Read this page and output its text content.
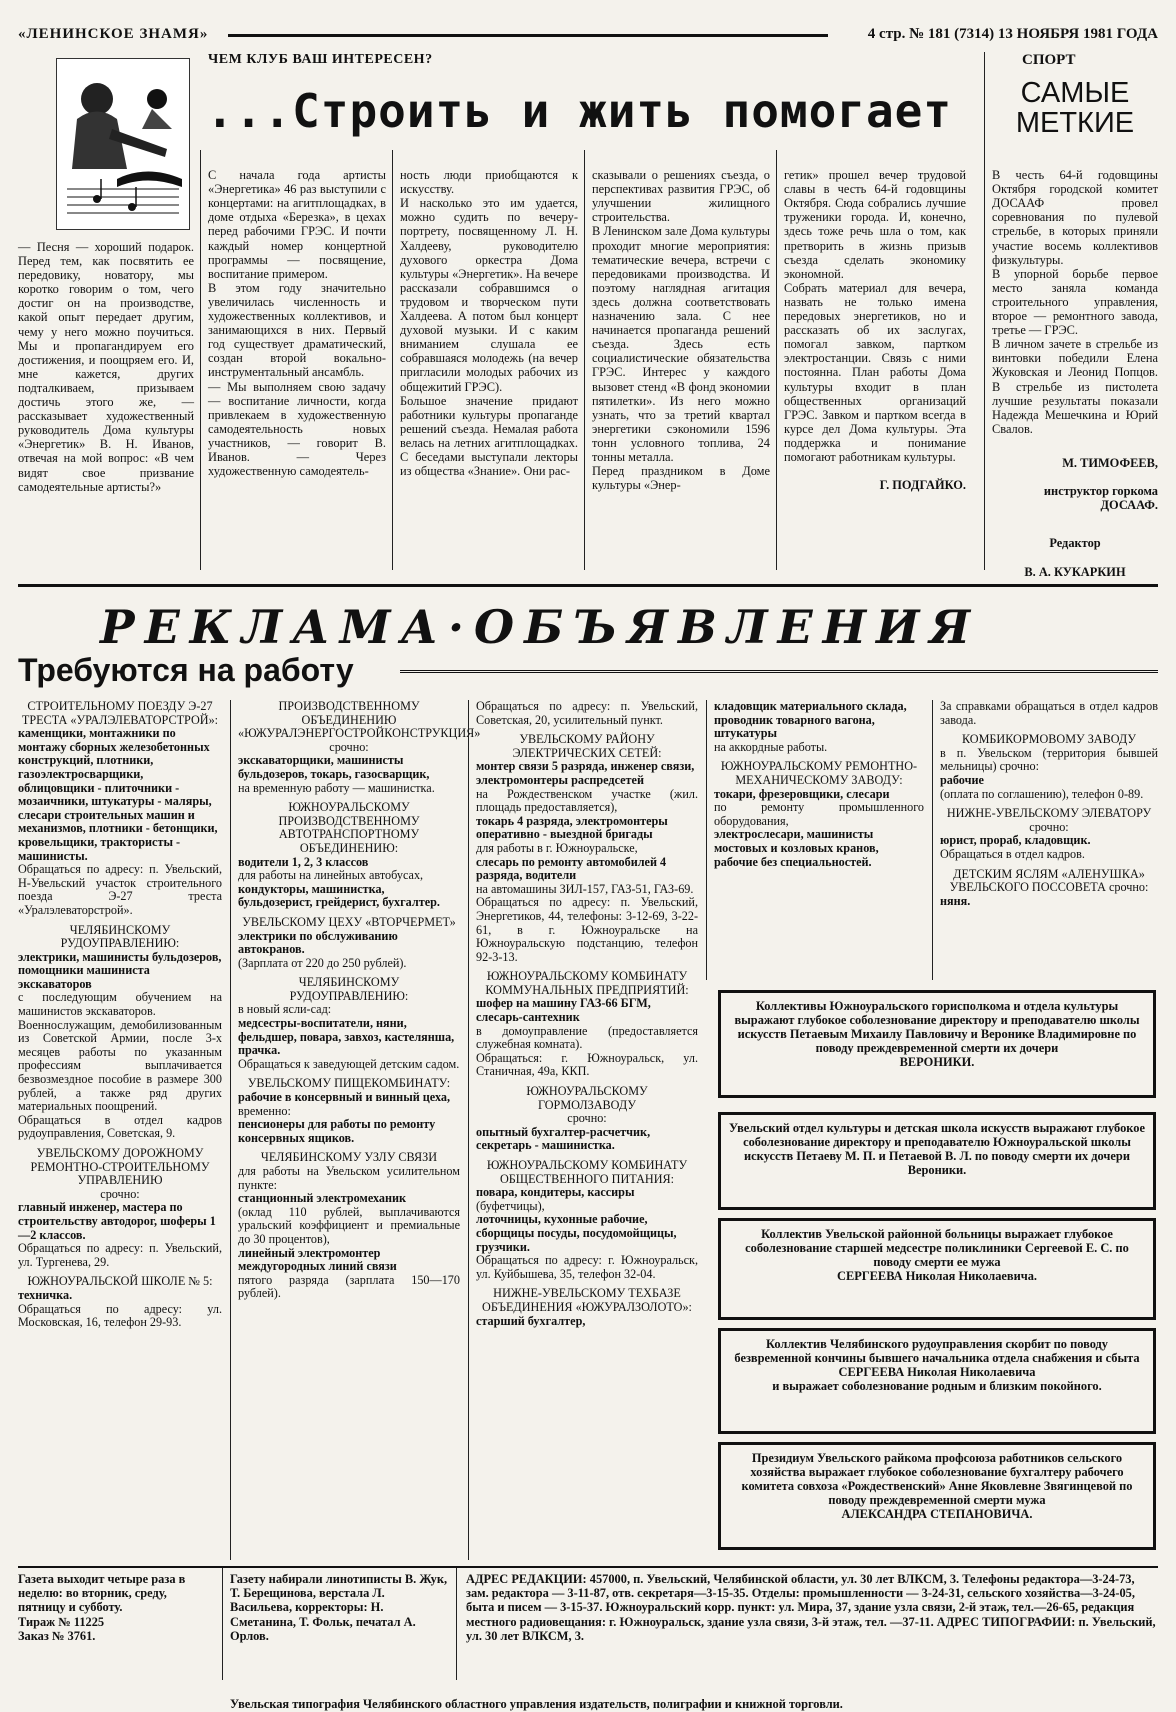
«ЛЕНИНСКОЕ ЗНАМЯ»	4 стр. № 181 (7314) 13 НОЯБРЯ 1981 ГОДА
ЧЕМ КЛУБ ВАШ ИНТЕРЕСЕН?
...Строить и жить помогает

— Песня — хороший подарок. Перед тем, как посвятить ее передовику, новатору, мы коротко говорим о том, чего достиг он на производстве, какой опыт передает другим, чему у него можно поучиться. Мы и пропагандируем его достижения, и поощряем его. И, мне кажется, других подталкиваем, призываем достичь этого же, — рассказывает художественный руководитель Дома культуры «Энергетик» В. Н. Иванов, отвечая на мой вопрос: «В чем видят свое призвание самодеятельные артисты?»

С начала года артисты «Энергетика» 46 раз выступили с концертами: на агитплощадках, в доме отдыха «Березка», в цехах перед рабочими ГРЭС. И почти каждый номер концертной программы — посвящение, воспитание примером.
В этом году значительно увеличилась численность и художественных коллективов, и занимающихся в них. Первый год существует драматический, создан второй вокально-инструментальный ансамбль.
— Мы выполняем свою задачу — воспитание личности, когда привлекаем в художественную самодеятельность новых участников, — говорит В. Иванов. — Через художественную самодеятель-

ность люди приобщаются к искусству.
И насколько это им удается, можно судить по вечеру-портрету, посвященному Л. Н. Халдееву, руководителю духового оркестра Дома культуры «Энергетик». На вечере рассказали собравшимся о трудовом и творческом пути Халдеева. А потом был концерт духовой музыки. И с каким вниманием слушала ее собравшаяся молодежь (на вечер пригласили молодых рабочих из общежитий ГРЭС).
Большое значение придают работники культуры пропаганде решений съезда. Немалая работа велась на летних агитплощадках. С беседами выступали лекторы из общества «Знание». Они рас-

сказывали о решениях съезда, о перспективах развития ГРЭС, об улучшении жилищного строительства.
В Ленинском зале Дома культуры проходит многие мероприятия: тематические вечера, встречи с передовиками производства. И поэтому наглядная агитация здесь должна соответствовать назначению зала. С нее начинается пропаганда решений съезда. Здесь есть социалистические обязательства ГРЭС. Интерес у каждого вызовет стенд «В фонд экономии пятилетки». Из него можно узнать, что за третий квартал энергетики сэкономили 1596 тонн условного топлива, 24 тонны металла.
Перед праздником в Доме культуры «Энер-

гетик» прошел вечер трудовой славы в честь 64-й годовщины Октября. Сюда собрались лучшие труженики города. И, конечно, здесь тоже речь шла о том, как претворить в жизнь призыв съезда сделать экономику экономной.
Собрать материал для вечера, назвать не только имена передовых энергетиков, но и рассказать об их заслугах, помогал завком, партком электростанции. Связь с ними постоянна. План работы Дома культуры входит в план общественных организаций ГРЭС. Завком и партком всегда в курсе дел Дома культуры. Эта поддержка и понимание помогают работникам культуры.

Г. ПОДГАЙКО.

СПОРТ
САМЫЕ МЕТКИЕ

В честь 64-й годовщины Октября городской комитет ДОСААФ провел соревнования по пулевой стрельбе, в которых приняли участие восемь коллективов физкультуры.
В упорной борьбе первое место заняла команда строительного управления, второе — ремонтного завода, третье — ГРЭС.
В личном зачете в стрельбе из винтовки победили Елена Жуковская и Леонид Попцов. В стрельбе из пистолета лучшие результаты показали Надежда Мешечкина и Юрий Свалов.

М. ТИМОФЕЕВ,

инструктор горкома ДОСААФ.

Редактор

В. А. КУКАРКИН

РЕКЛАМА·ОБЪЯВЛЕНИЯ
Требуются на работу

СТРОИТЕЛЬНОМУ ПОЕЗДУ Э-27 ТРЕСТА «УРАЛЭЛЕВАТОРСТРОЙ»:

каменщики, монтажники по монтажу сборных железобетонных конструкций, плотники, газоэлектросварщики, облицовщики - плиточники - мозаичники, штукатуры - маляры, слесари строительных машин и механизмов, плотники - бетонщики, кровельщики, трактористы - машинисты.

Обращаться по адресу: п. Увельский, Н-Увельский участок строительного поезда Э-27 треста «Уралэлеваторстрой».

ЧЕЛЯБИНСКОМУ РУДОУПРАВЛЕНИЮ:

электрики, машинисты бульдозеров, помощники машиниста экскаваторов

с последующим обучением на машинистов экскаваторов.

Военнослужащим, демобилизованным из Советской Армии, после 3-х месяцев работы по указанным профессиям выплачивается безвозмездное пособие в размере 300 рублей, а также ряд других материальных поощрений.

Обращаться в отдел кадров рудоуправления, Советская, 9.

УВЕЛЬСКОМУ ДОРОЖНОМУ РЕМОНТНО-СТРОИТЕЛЬНОМУ УПРАВЛЕНИЮ

срочно:

главный инженер, мастера по строительству автодорог, шоферы 1—2 классов.

Обращаться по адресу: п. Увельский, ул. Тургенева, 29.

ЮЖНОУРАЛЬСКОЙ ШКОЛЕ № 5:

техничка.

Обращаться по адресу: ул. Московская, 16, телефон 29-93.

ПРОИЗВОДСТВЕННОМУ ОБЪЕДИНЕНИЮ «ЮЖУРАЛЭНЕРГОСТРОЙКОНСТРУКЦИЯ»

срочно:

экскаваторщики, машинисты бульдозеров, токарь, газосварщик,

на временную работу — машинистка.

ЮЖНОУРАЛЬСКОМУ ПРОИЗВОДСТВЕННОМУ АВТОТРАНСПОРТНОМУ ОБЪЕДИНЕНИЮ:

водители 1, 2, 3 классов

для работы на линейных автобусах,

кондукторы, машинистка, бульдозерист, грейдерист, бухгалтер.

УВЕЛЬСКОМУ ЦЕХУ «ВТОРЧЕРМЕТ»

электрики по обслуживанию автокранов.

(Зарплата от 220 до 250 рублей).

ЧЕЛЯБИНСКОМУ РУДОУПРАВЛЕНИЮ:

в новый ясли-сад:

медсестры-воспитатели, няни, фельдшер, повара, завхоз, кастелянша, прачка.

Обращаться к заведующей детским садом.

УВЕЛЬСКОМУ ПИЩЕКОМБИНАТУ:

рабочие в консервный и винный цеха,

временно:

пенсионеры для работы по ремонту консервных ящиков.

ЧЕЛЯБИНСКОМУ УЗЛУ СВЯЗИ

для работы на Увельском усилительном пункте:

станционный электромеханик

(оклад 110 рублей, выплачиваются уральский коэффициент и премиальные до 30 процентов),

линейный электромонтер междугородных линий связи

пятого разряда (зарплата 150—170 рублей).

Обращаться по адресу: п. Увельский, Советская, 20, усилительный пункт.

УВЕЛЬСКОМУ РАЙОНУ ЭЛЕКТРИЧЕСКИХ СЕТЕЙ:

монтер связи 5 разряда, инженер связи, электромонтеры распредсетей

на Рождественском участке (жил. площадь предоставляется),

токарь 4 разряда, электромонтеры оперативно - выездной бригады

для работы в г. Южноуральске,

слесарь по ремонту автомобилей 4 разряда, водители

на автомашины ЗИЛ-157, ГАЗ-51, ГАЗ-69.

Обращаться по адресу: п. Увельский, Энергетиков, 44, телефоны: 3-12-69, 3-22-61, в г. Южноуральске на Южноуральскую подстанцию, телефон 92-3-13.

ЮЖНОУРАЛЬСКОМУ КОМБИНАТУ КОММУНАЛЬНЫХ ПРЕДПРИЯТИЙ:

шофер на машину ГАЗ-66 БГМ, слесарь-сантехник

в домоуправление (предоставляется служебная комната).

Обращаться: г. Южноуральск, ул. Станичная, 49а, ККП.

ЮЖНОУРАЛЬСКОМУ ГОРМОЛЗАВОДУ

срочно:

опытный бухгалтер-расчетчик, секретарь - машинистка.

ЮЖНОУРАЛЬСКОМУ КОМБИНАТУ ОБЩЕСТВЕННОГО ПИТАНИЯ:

повара, кондитеры, кассиры

(буфетчицы),

лоточницы, кухонные рабочие, сборщицы посуды, посудомойщицы, грузчики.

Обращаться по адресу: г. Южноуральск, ул. Куйбышева, 35, телефон 32-04.

НИЖНЕ-УВЕЛЬСКОМУ ТЕХБАЗЕ ОБЪЕДИНЕНИЯ «ЮЖУРАЛЗОЛОТО»:

старший бухгалтер,

кладовщик материального склада, проводник товарного вагона, штукатуры

на аккордные работы.

ЮЖНОУРАЛЬСКОМУ РЕМОНТНО-МЕХАНИЧЕСКОМУ ЗАВОДУ:

токари, фрезеровщики, слесари

по ремонту промышленного оборудования,

электрослесари, машинисты мостовых и козловых кранов, рабочие без специальностей.

За справками обращаться в отдел кадров завода.

КОМБИКОРМОВОМУ ЗАВОДУ

в п. Увельском (территория бывшей мельницы) срочно:

рабочие

(оплата по соглашению), телефон 0-89.

НИЖНЕ-УВЕЛЬСКОМУ ЭЛЕВАТОРУ срочно:

юрист, прораб, кладовщик.

Обращаться в отдел кадров.

ДЕТСКИМ ЯСЛЯМ «АЛЕНУШКА» УВЕЛЬСКОГО ПОССОВЕТА срочно:

няня.

Коллективы Южноуральского горисполкома и отдела культуры выражают глубокое соболезнование директору и преподавателю школы искусств Петаевым Михаилу Павловичу и Веронике Владимировне по поводу преждевременной смерти их дочери
ВЕРОНИКИ.
Увельский отдел культуры и детская школа искусств выражают глубокое соболезнование директору и преподавателю Южноуральской школы искусств Петаеву М. П. и Петаевой В. Л. по поводу смерти их дочери
Вероники.
Коллектив Увельской районной больницы выражает глубокое соболезнование старшей медсестре поликлиники Сергеевой Е. С. по поводу смерти ее мужа
СЕРГЕЕВА Николая Николаевича.
Коллектив Челябинского рудоуправления скорбит по поводу безвременной кончины бывшего начальника отдела снабжения и сбыта
СЕРГЕЕВА Николая Николаевича
и выражает соболезнование родным и близким покойного.
Президиум Увельского райкома профсоюза работников сельского хозяйства выражает глубокое соболезнование бухгалтеру рабочего комитета совхоза «Рождественский» Анне Яковлевне Звягинцевой по поводу преждевременной смерти мужа
АЛЕКСАНДРА СТЕПАНОВИЧА.
Газета выходит четыре раза в неделю: во вторник, среду, пятницу и субботу.
Тираж № 11225
Заказ № 3761.
Газету набирали линотиписты В. Жук, Т. Берещинова, верстала Л. Васильева, корректоры: Н. Сметанина, Т. Фольк, печатал А. Орлов.
АДРЕС РЕДАКЦИИ: 457000, п. Увельский, Челябинской области, ул. 30 лет ВЛКСМ, 3. Телефоны редактора—3-24-73, зам. редактора — 3-11-87, отв. секретаря—3-15-35. Отделы: промышленности — 3-24-31, сельского хозяйства—3-24-05, быта и писем — 3-15-37. Южноуральский корр. пункт: ул. Мира, 37, здание узла связи, 2-й этаж, тел.—26-65, редакция местного радиовещания: г. Южноуральск, здание узла связи, 3-й этаж, тел. —37-11. АДРЕС ТИПОГРАФИИ: п. Увельский, ул. 30 лет ВЛКСМ, 3.
Увельская типография Челябинского областного управления издательств, полиграфии и книжной торговли.
